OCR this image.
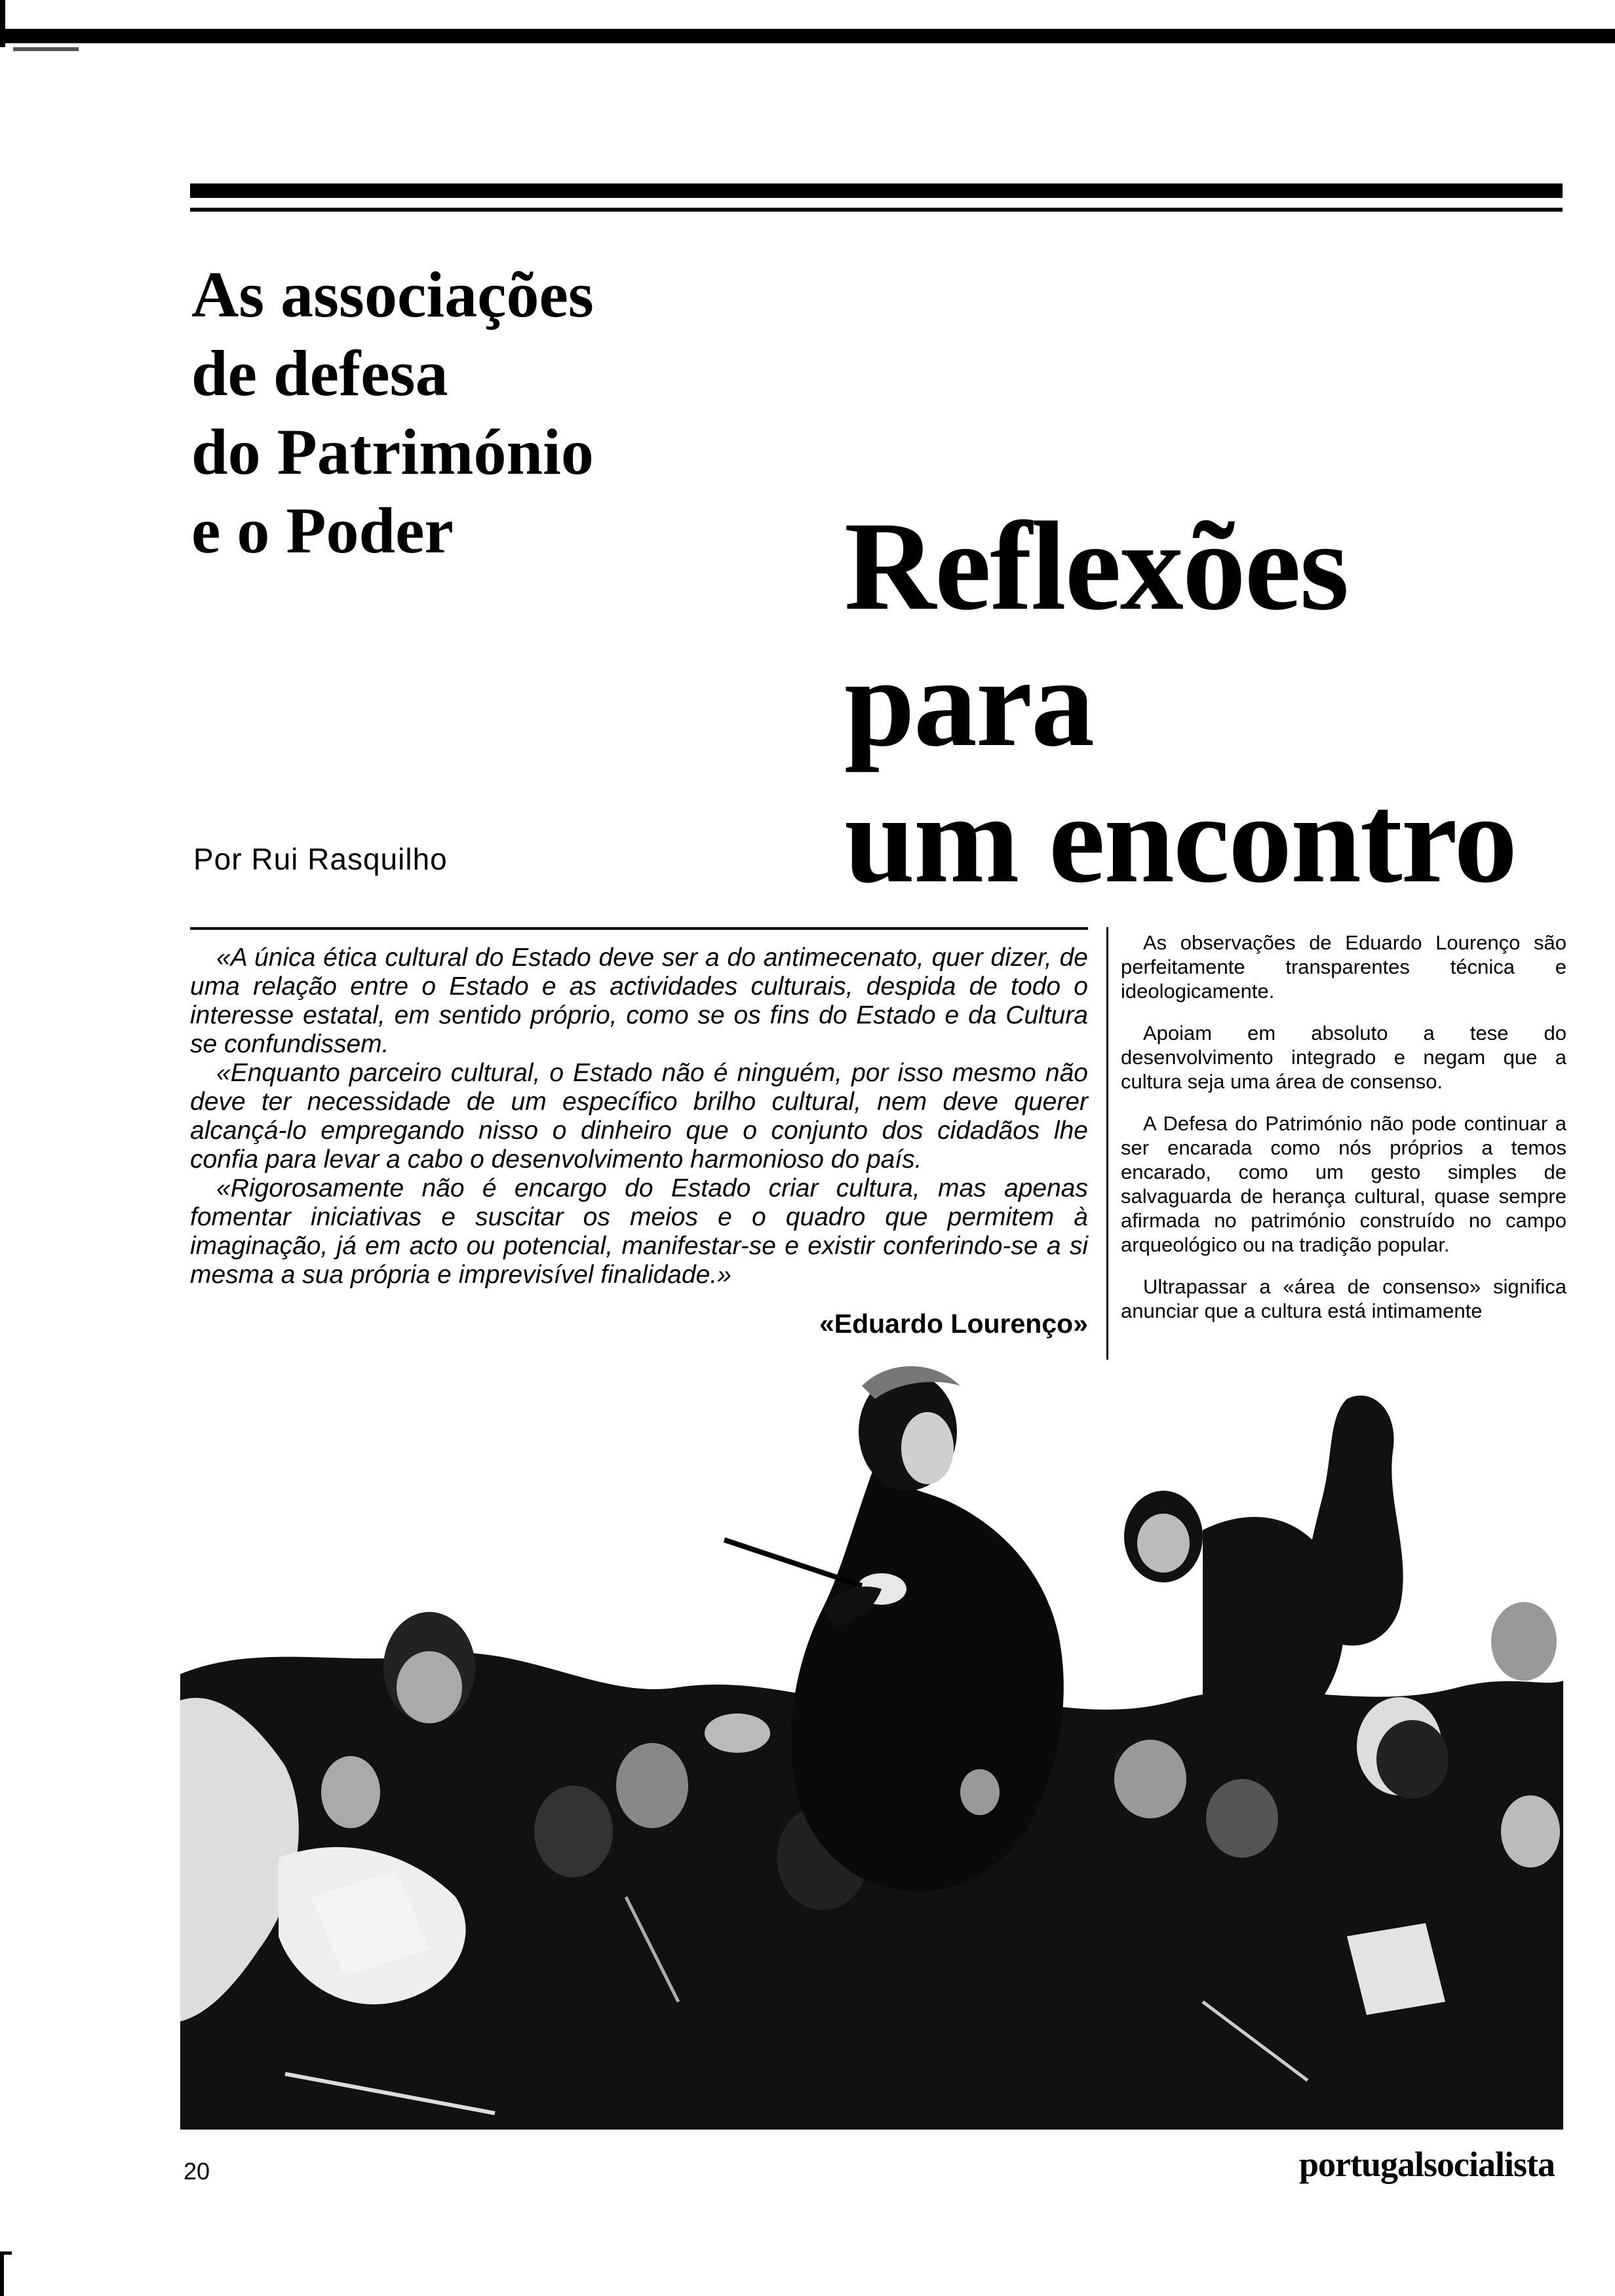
As associações
de defesa
do Património
e o Poder	Reflexões
para
um encontro
Por Rui Rasquilho

«A única ética cultural do Estado deve ser a do antimecenato, quer dizer, de uma relação entre o Estado e as actividades culturais, despida de todo o interesse estatal, em sentido próprio, como se os fins do Estado e da Cultura se confundissem.

«Enquanto parceiro cultural, o Estado não é ninguém, por isso mesmo não deve ter necessidade de um específico brilho cultural, nem deve querer alcançá-lo empregando nisso o dinheiro que o conjunto dos cidadãos lhe confia para levar a cabo o desenvolvimento harmonioso do país.

«Rigorosamente não é encargo do Estado criar cultura, mas apenas fomentar iniciativas e suscitar os meios e o quadro que permitem à imaginação, já em acto ou potencial, manifestar-se e existir conferindo-se a si mesma a sua própria e imprevisível finalidade.»

«Eduardo Lourenço»

As observações de Eduardo Lourenço são perfeitamente transparentes técnica e ideologicamente.

Apoiam em absoluto a tese do desenvolvimento integrado e negam que a cultura seja uma área de consenso.

A Defesa do Património não pode continuar a ser encarada como nós próprios a temos encarado, como um gesto simples de salvaguarda de herança cultural, quase sempre afirmada no património construído no campo arqueológico ou na tradição popular.

Ultrapassar a «área de consenso» significa anunciar que a cultura está intimamente

20	portugalsocialista
